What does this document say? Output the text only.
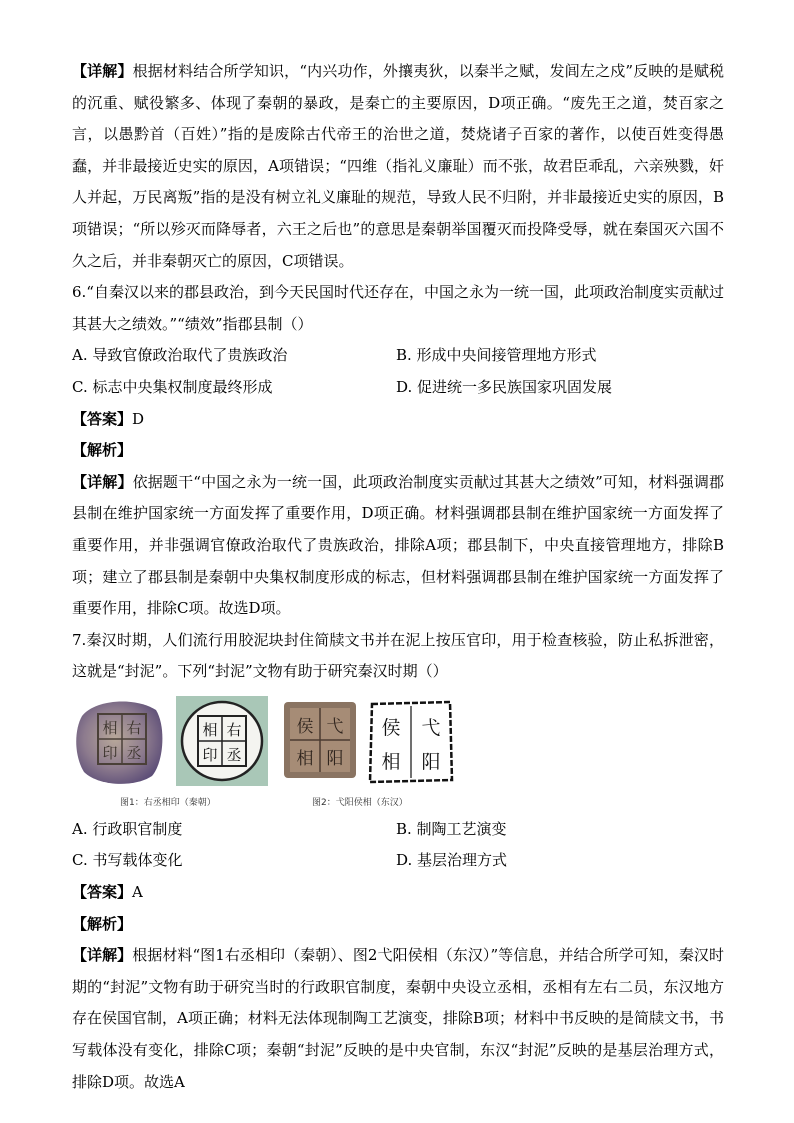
【详解】根据材料结合所学知识，“内兴功作，外攘夷狄，以秦半之赋，发闾左之戍”反映的是赋税的沉重、赋役繁多、体现了秦朝的暴政，是秦亡的主要原因，D项正确。“废先王之道，焚百家之言，以愚黔首（百姓）”指的是废除古代帝王的治世之道，焚烧诸子百家的著作，以使百姓变得愚蠢，并非最接近史实的原因，A项错误；“四维（指礼义廉耻）而不张，故君臣乖乱，六亲殃戮，奸人并起，万民离叛”指的是没有树立礼义廉耻的规范，导致人民不归附，并非最接近史实的原因，B项错误；“所以殄灭而降辱者，六王之后也”的意思是秦朝举国覆灭而投降受辱，就在秦国灭六国不久之后，并非秦朝灭亡的原因，C项错误。

6.“自秦汉以来的郡县政治，到今天民国时代还存在，中国之永为一统一国，此项政治制度实贡献过其甚大之绩效。”“绩效”指郡县制（）

A. 导致官僚政治取代了贵族政治	B. 形成中央间接管理地方形式
C. 标志中央集权制度最终形成	D. 促进统一多民族国家巩固发展

【答案】D

【解析】

【详解】依据题干“中国之永为一统一国，此项政治制度实贡献过其甚大之绩效”可知，材料强调郡县制在维护国家统一方面发挥了重要作用，D项正确。材料强调郡县制在维护国家统一方面发挥了重要作用，并非强调官僚政治取代了贵族政治，排除A项；郡县制下，中央直接管理地方，排除B项；建立了郡县制是秦朝中央集权制度形成的标志，但材料强调郡县制在维护国家统一方面发挥了重要作用，排除C项。故选D项。

7.秦汉时期，人们流行用胶泥块封住简牍文书并在泥上按压官印，用于检查核验，防止私拆泄密，这就是“封泥”。下列“封泥”文物有助于研究秦汉时期（）

右
丞
相
印
右
丞
相
印
弋
阳
侯
相
弋
阳
侯
相
图1：右丞相印（秦朝）	图2：弋阳侯相（东汉）
A. 行政职官制度	B. 制陶工艺演变
C. 书写载体变化	D. 基层治理方式

【答案】A

【解析】

【详解】根据材料“图1右丞相印（秦朝）、图2弋阳侯相（东汉）”等信息，并结合所学可知，秦汉时期的“封泥”文物有助于研究当时的行政职官制度，秦朝中央设立丞相，丞相有左右二员，东汉地方存在侯国官制，A项正确；材料无法体现制陶工艺演变，排除B项；材料中书反映的是简牍文书，书写载体没有变化，排除C项；秦朝“封泥”反映的是中央官制，东汉“封泥”反映的是基层治理方式，排除D项。故选A
